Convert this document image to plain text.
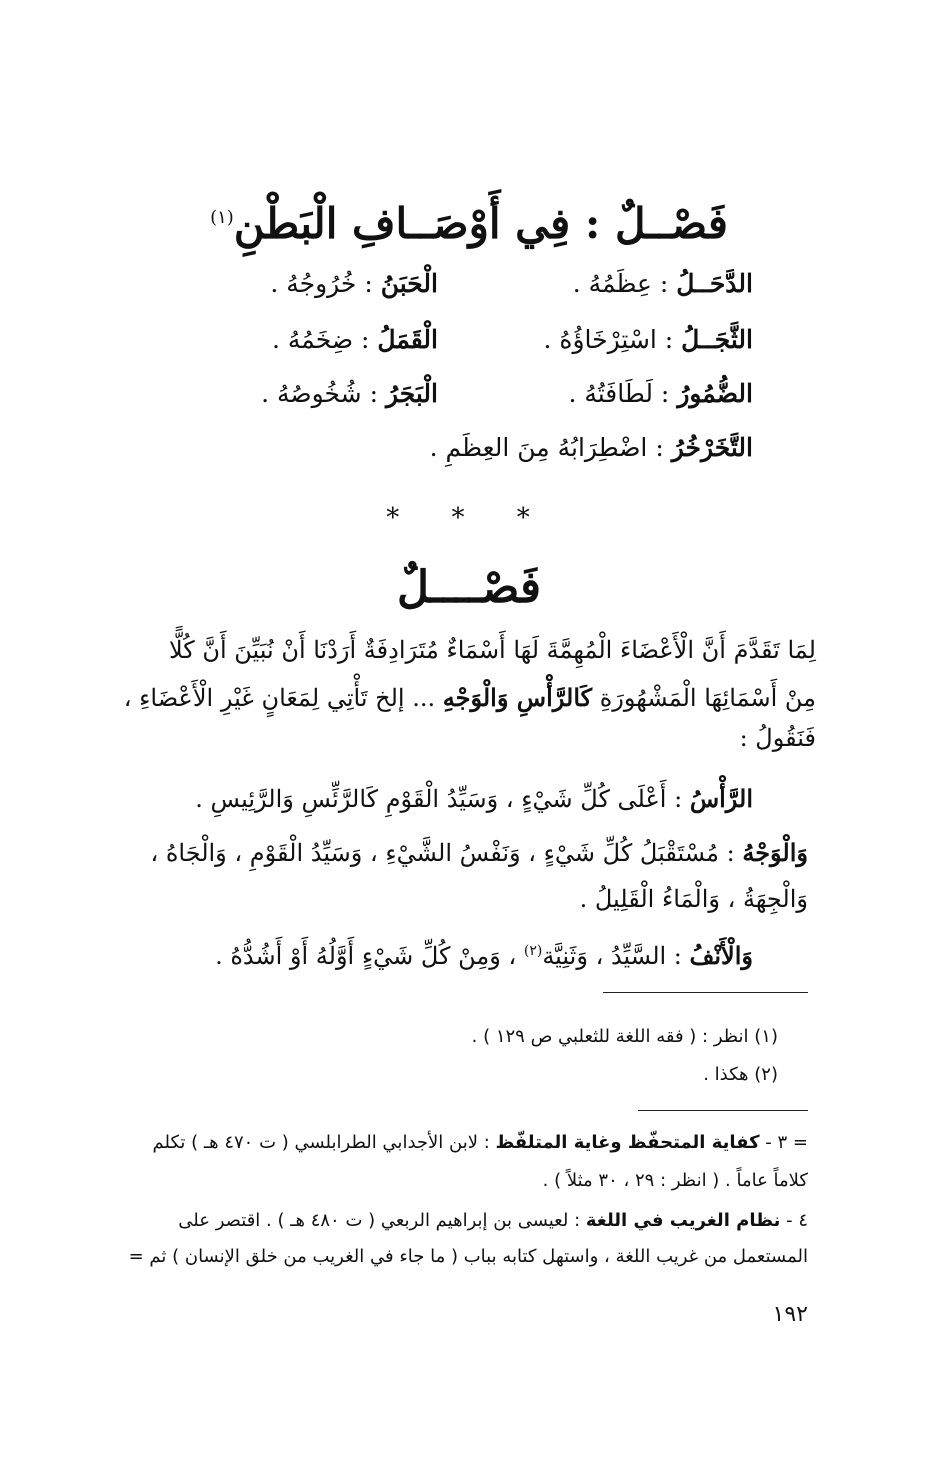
فَصْــلٌ : فِي أَوْصَــافِ الْبَطْنِ$^{(١)}$
الدَّحَــلُ : عِظَمُهُ .
الْحَبَنُ : خُرُوجُهُ .
الثَّجَــلُ : اسْتِرْخَاؤُهُ .
الْقَمَلُ : ضِخَمُهُ .
الضُّمُورُ : لَطَافَتُهُ .
الْبَجَرُ : شُخُوصُهُ .
التَّخَرْخُرُ : اضْطِرَابُهُ مِنَ العِظَمِ .
* * *
فَصْــــلٌ
لِمَا تَقَدَّمَ أَنَّ الْأَعْضَاءَ الْمُهِمَّةَ لَهَا أَسْمَاءٌ مُتَرَادِفَةٌ أَرَدْنَا أَنْ نُبَيِّنَ أَنَّ كُلًّا
مِنْ أَسْمَائِهَا الْمَشْهُورَةِ كَالرَّأْسِ وَالْوَجْهِ ... إلخ تَأْتِي لِمَعَانٍ غَيْرِ الْأَعْضَاءِ ،
فَنَقُولُ :
الرَّأْسُ : أَعْلَى كُلِّ شَيْءٍ ، وَسَيِّدُ الْقَوْمِ كَالرَّئِّسِ وَالرَّئِيسِ .
وَالْوَجْهُ : مُسْتَقْبَلُ كُلِّ شَيْءٍ ، وَنَفْسُ الشَّيْءِ ، وَسَيِّدُ الْقَوْمِ ، وَالْجَاهُ ،
وَالْجِهَةُ ، وَالْمَاءُ الْقَلِيلُ .
وَالْأَنْفُ : السَّيِّدُ ، وَثَنِيَّة$^{(٢)}$ ، وَمِنْ كُلِّ شَيْءٍ أَوَّلُهُ أَوْ أَشُدُّهُ .
(١) انظر : ( فقه اللغة للثعلبي ص ١٢٩ ) .
(٢) هكذا .
= ٣ - كفاية المتحفّظ وغاية المتلفّظ : لابن الأجدابي الطرابلسي ( ت ٤٧٠ هـ ) تكلم
كلاماً عاماً . ( انظر : ٢٩ ، ٣٠ مثلاً ) .
٤ - نظام الغريب في اللغة : لعيسى بن إبراهيم الربعي ( ت ٤٨٠ هـ ) . اقتصر على
المستعمل من غريب اللغة ، واستهل كتابه بباب ( ما جاء في الغريب من خلق الإنسان ) ثم =
١٩٢
